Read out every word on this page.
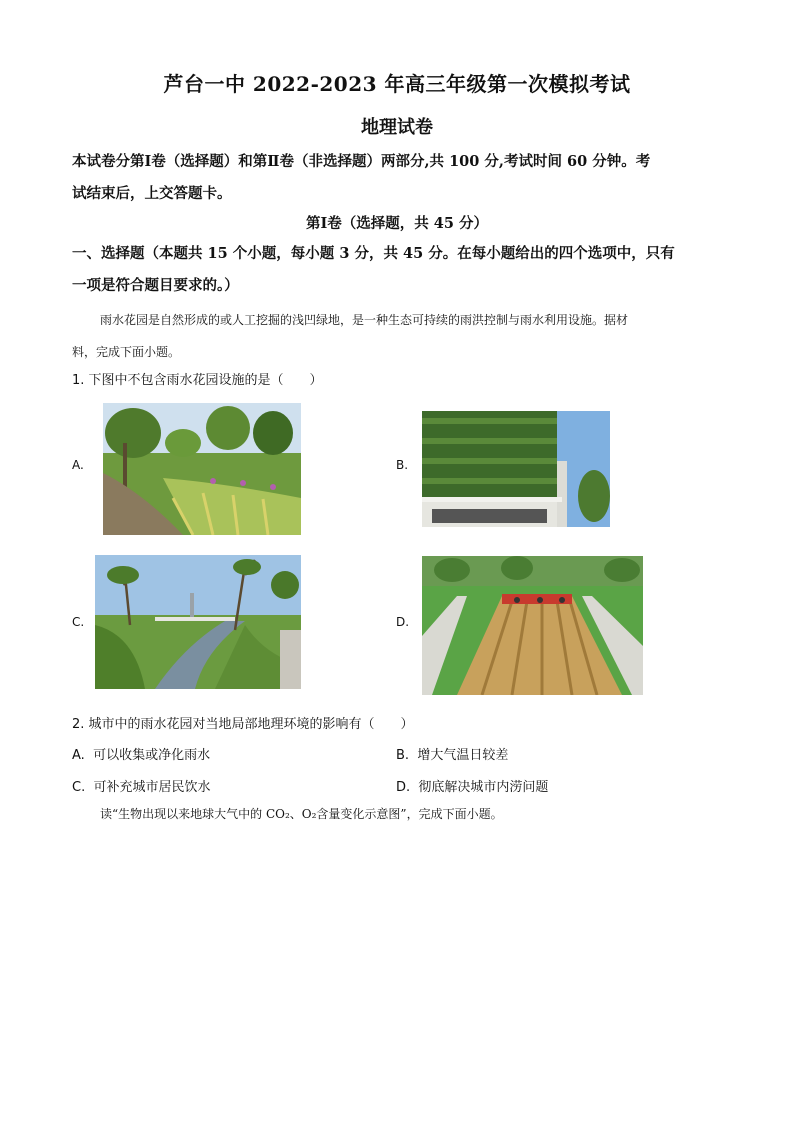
芦台一中 2022-2023 年高三年级第一次模拟考试
地理试卷
本试卷分第Ⅰ卷（选择题）和第Ⅱ卷（非选择题）两部分,共 100 分,考试时间 60 分钟。考
试结束后，上交答题卡。
第Ⅰ卷（选择题，共 45 分）
一、选择题（本题共 15 个小题，每小题 3 分，共 45 分。在每小题给出的四个选项中，只有
一项是符合题目要求的。）
雨水花园是自然形成的或人工挖掘的浅凹绿地，是一种生态可持续的雨洪控制与雨水利用设施。据材
料，完成下面小题。
1. 下图中不包含雨水花园设施的是（　　）
A.	B.
C.	D.
2. 城市中的雨水花园对当地局部地理环境的影响有（　　）
A. 可以收集或净化雨水	B. 增大气温日较差
C. 可补充城市居民饮水	D. 彻底解决城市内涝问题
读“生物出现以来地球大气中的 CO₂、O₂含量变化示意图”，完成下面小题。
